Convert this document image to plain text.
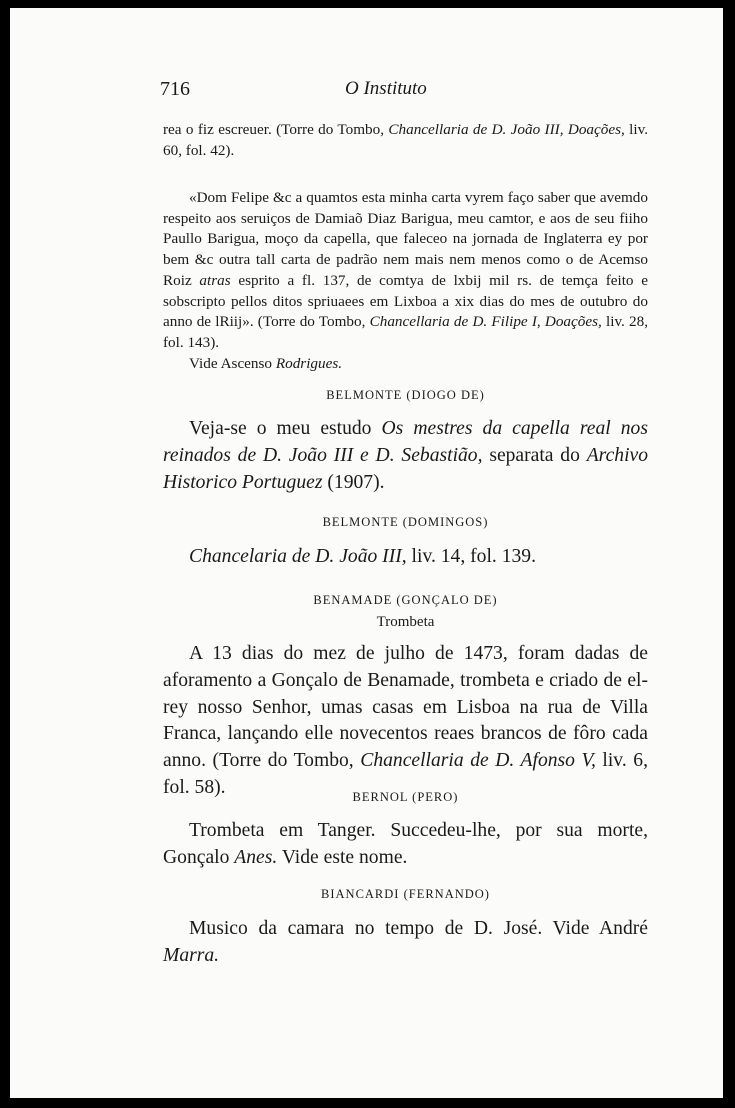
716	O Instituto

rea o fiz escreuer. (Torre do Tombo, Chancellaria de D. João III, Doações, liv. 60, fol. 42).

«Dom Felipe &c a quamtos esta minha carta vyrem faço saber que avemdo respeito aos seruiços de Damiaõ Diaz Barigua, meu camtor, e aos de seu fiiho Paullo Barigua, moço da capella, que faleceo na jornada de Inglaterra ey por bem &c outra tall carta de padrão nem mais nem menos como o de Acemso Roiz atras esprito a fl. 137, de comtya de lxbij mil rs. de temça feito e sobscripto pellos ditos spriuaees em Lixboa a xix dias do mes de outubro do anno de lRiij». (Torre do Tombo, Chancellaria de D. Filipe I, Doações, liv. 28, fol. 143).

Vide Ascenso Rodrigues.

BELMONTE (DIOGO DE)

Veja-se o meu estudo Os mestres da capella real nos reinados de D. João III e D. Sebastião, separata do Archivo Historico Portuguez (1907).

BELMONTE (DOMINGOS)

Chancelaria de D. João III, liv. 14, fol. 139.

BENAMADE (GONÇALO DE)
Trombeta

A 13 dias do mez de julho de 1473, foram dadas de aforamento a Gonçalo de Benamade, trombeta e criado de el-rey nosso Senhor, umas casas em Lisboa na rua de Villa Franca, lançando elle novecentos reaes brancos de fôro cada anno. (Torre do Tombo, Chancellaria de D. Afonso V, liv. 6, fol. 58).	BERNOL (PERO)

Trombeta em Tanger. Succedeu-lhe, por sua morte, Gonçalo Anes. Vide este nome.

BIANCARDI (FERNANDO)

Musico da camara no tempo de D. José. Vide André Marra.
